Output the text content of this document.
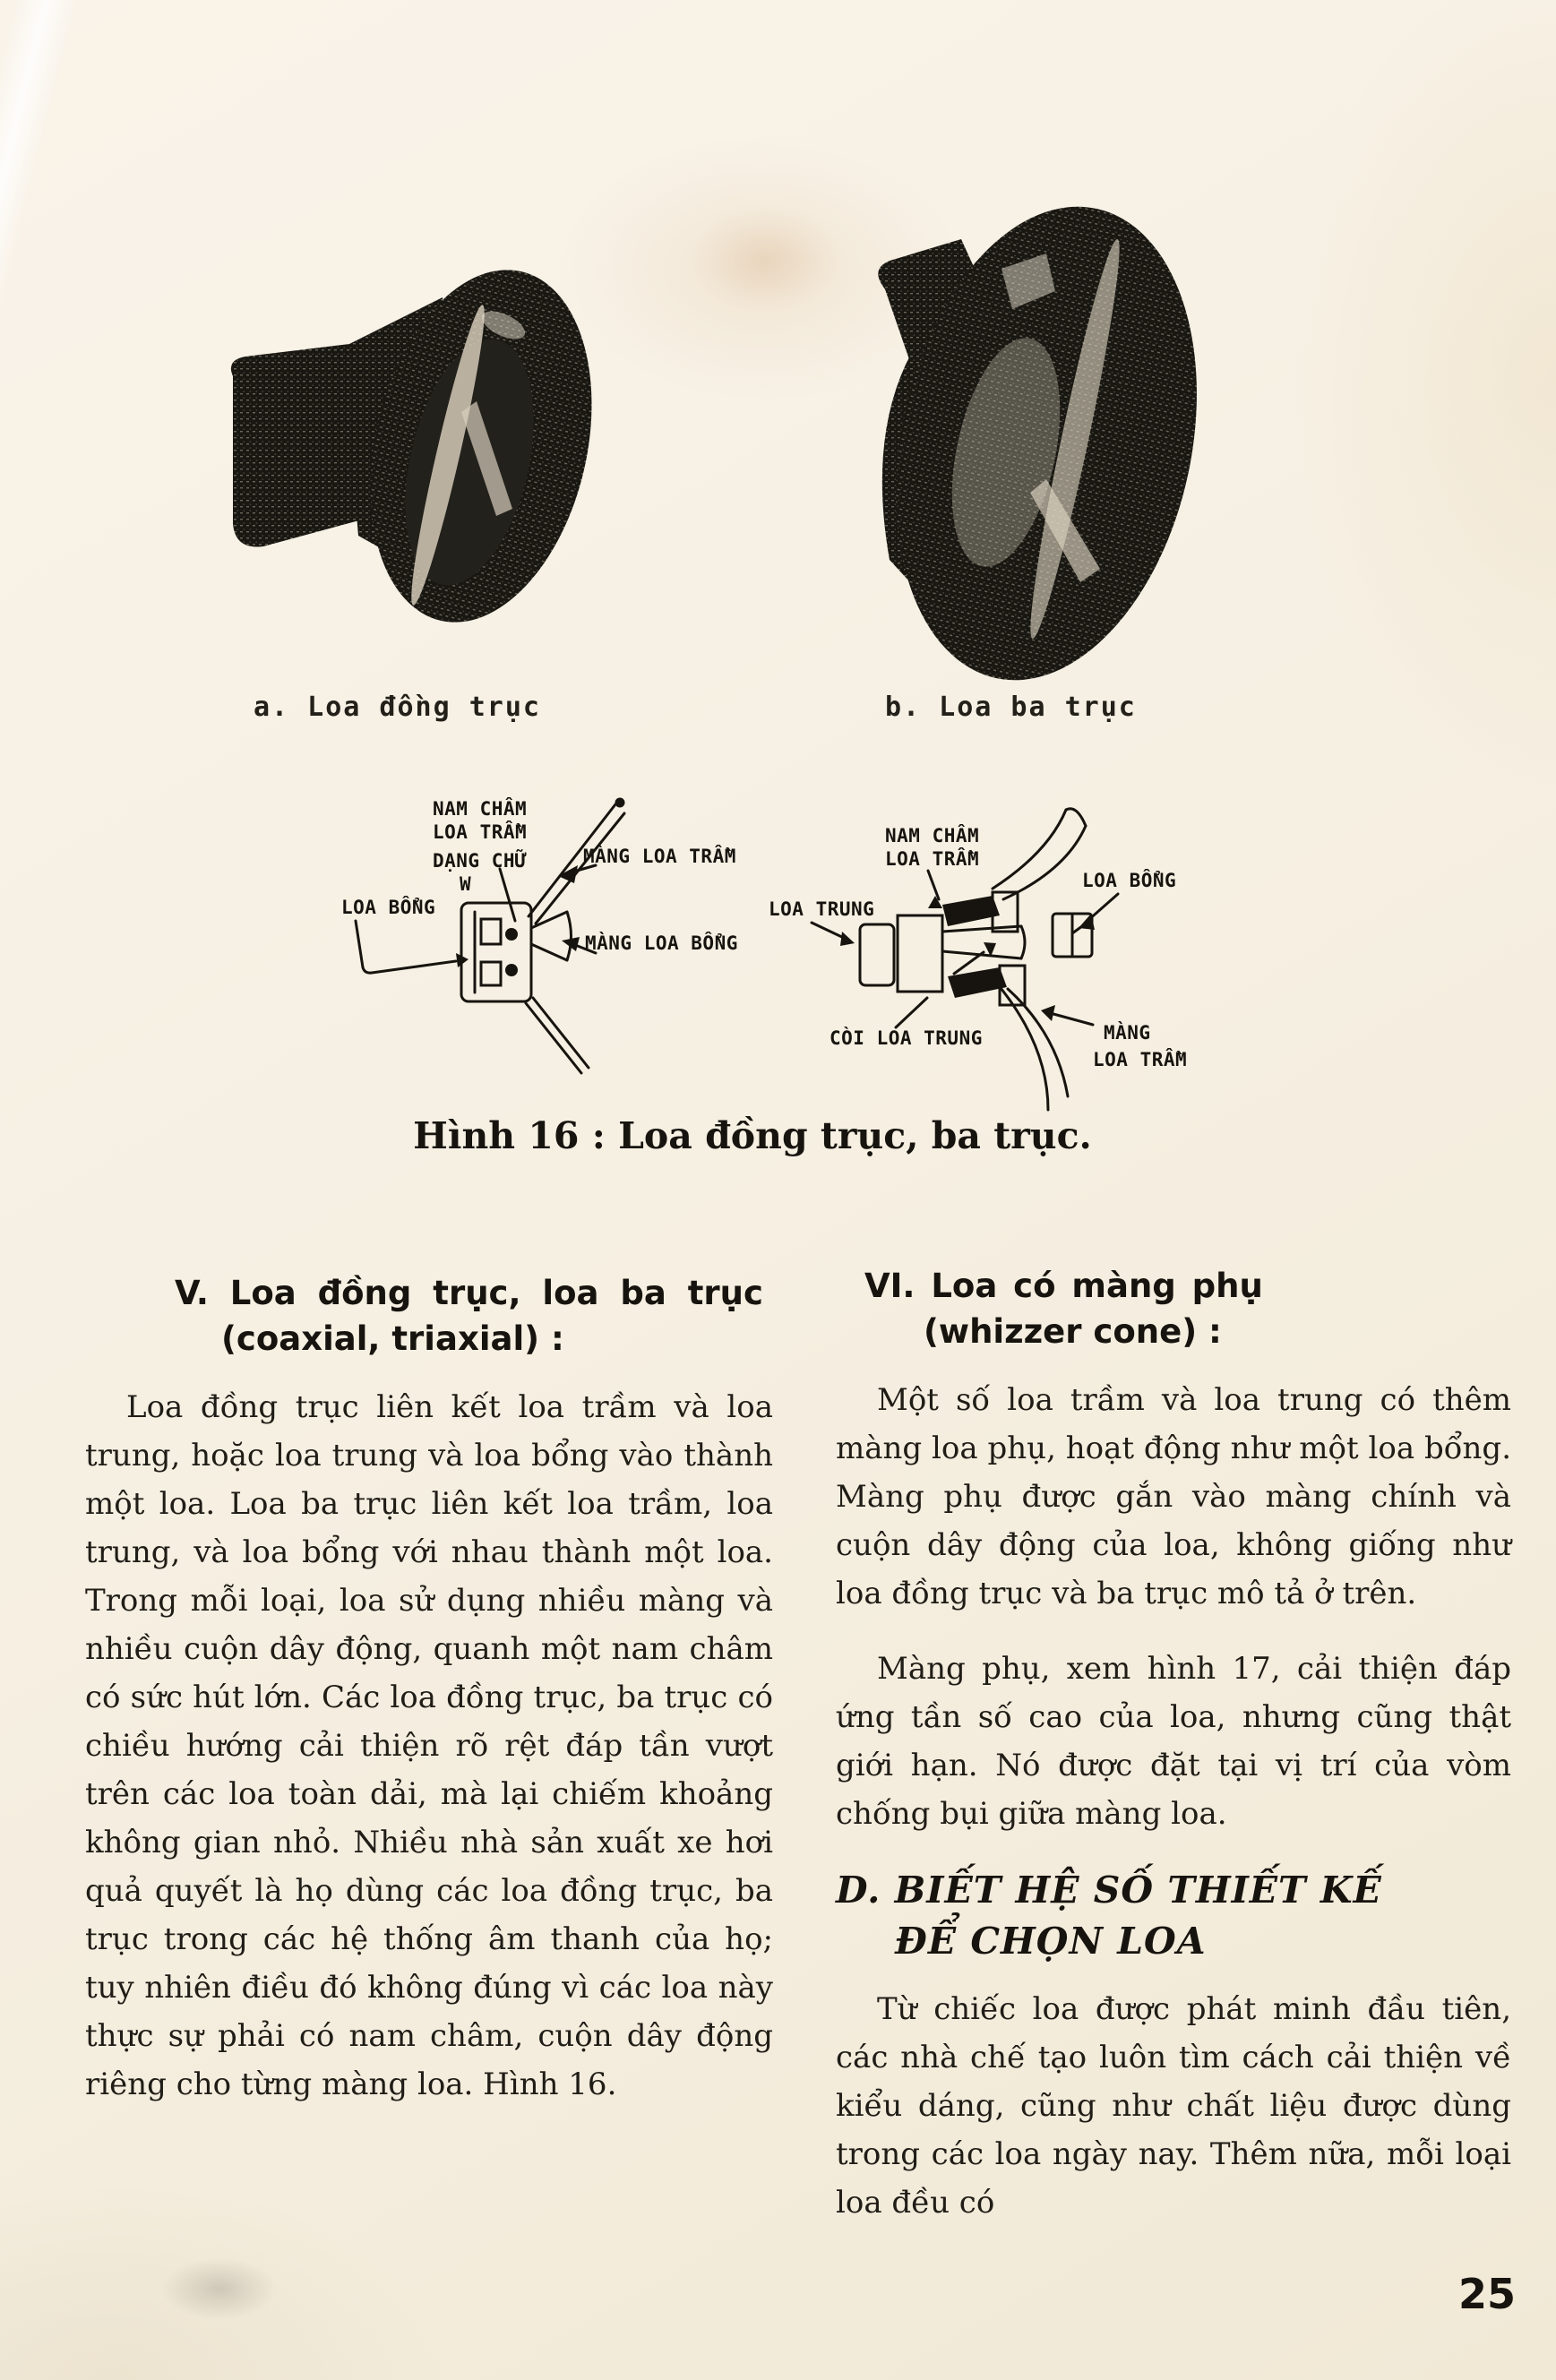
a. Loa đồng trục	b. Loa ba trục
NAM CHÂM
LOA TRẦM
DẠNG CHỮ
W
MÀNG LOA TRẦM
LOA BỔNG
MÀNG LOA BỔNG
NAM CHÂM
LOA TRẦM
LOA TRUNG
LOA BỔNG
CÒI LOA TRUNG	MÀNG
LOA TRẦM
Hình 16 : Loa đồng trục, ba trục.
V. Loa đồng trục, loa ba trục
(coaxial, triaxial) :

Loa đồng trục liên kết loa trầm và loa trung, hoặc loa trung và loa bổng vào thành một loa. Loa ba trục liên kết loa trầm, loa trung, và loa bổng với nhau thành một loa. Trong mỗi loại, loa sử dụng nhiều màng và nhiều cuộn dây động, quanh một nam châm có sức hút lớn. Các loa đồng trục, ba trục có chiều hướng cải thiện rõ rệt đáp tần vượt trên các loa toàn dải, mà lại chiếm khoảng không gian nhỏ. Nhiều nhà sản xuất xe hơi quả quyết là họ dùng các loa đồng trục, ba trục trong các hệ thống âm thanh của họ; tuy nhiên điều đó không đúng vì các loa này thực sự phải có nam châm, cuộn dây động riêng cho từng màng loa. Hình 16.

VI. Loa có màng phụ
(whizzer cone) :

Một số loa trầm và loa trung có thêm màng loa phụ, hoạt động như một loa bổng. Màng phụ được gắn vào màng chính và cuộn dây động của loa, không giống như loa đồng trục và ba trục mô tả ở trên.

Màng phụ, xem hình 17, cải thiện đáp ứng tần số cao của loa, nhưng cũng thật giới hạn. Nó được đặt tại vị trí của vòm chống bụi giữa màng loa.

D. BIẾT HỆ SỐ THIẾT KẾ
ĐỂ CHỌN LOA

Từ chiếc loa được phát minh đầu tiên, các nhà chế tạo luôn tìm cách cải thiện về kiểu dáng, cũng như chất liệu được dùng trong các loa ngày nay. Thêm nữa, mỗi loại loa đều có

25
